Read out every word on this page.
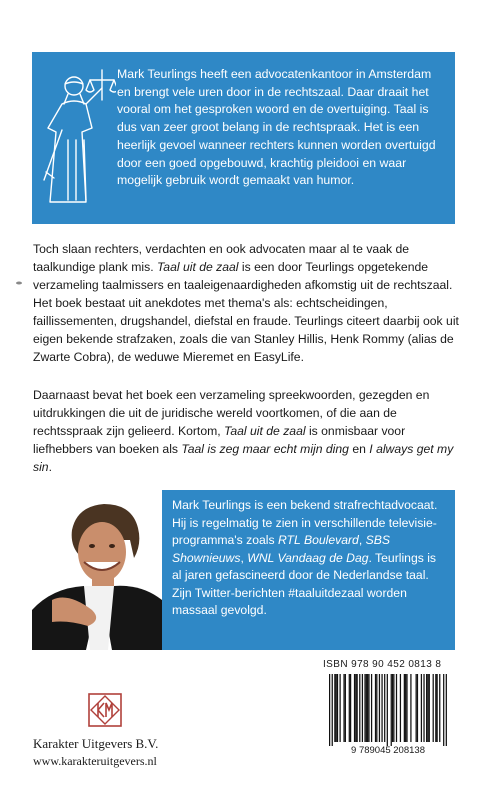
Mark Teurlings heeft een advocatenkantoor in Amsterdam en brengt vele uren door in de rechtszaal. Daar draait het vooral om het gesproken woord en de overtuiging. Taal is dus van zeer groot belang in de rechtspraak. Het is een heerlijk gevoel wanneer rechters kunnen worden overtuigd door een goed opgebouwd, krachtig pleidooi en waar mogelijk gebruik wordt gemaakt van humor.

Toch slaan rechters, verdachten en ook advocaten maar al te vaak de taalkundige plank mis. Taal uit de zaal is een door Teurlings opgetekende verzameling taalmissers en taaleigenaardigheden afkomstig uit de rechtszaal. Het boek bestaat uit anekdotes met thema's als: echtscheidingen, faillissementen, drugshandel, diefstal en fraude. Teurlings citeert daarbij ook uit eigen bekende strafzaken, zoals die van Stanley Hillis, Henk Rommy (alias de Zwarte Cobra), de weduwe Mieremet en EasyLife.

Daarnaast bevat het boek een verzameling spreekwoorden, gezegden en uitdrukkingen die uit de juridische wereld voortkomen, of die aan de rechtsspraak zijn gelieerd. Kortom, Taal uit de zaal is onmisbaar voor liefhebbers van boeken als Taal is zeg maar echt mijn ding en I always get my sin.

Mark Teurlings is een bekend strafrechtadvocaat. Hij is regelmatig te zien in verschillende televisie-programma's zoals RTL Boulevard, SBS Shownieuws, WNL Vandaag de Dag. Teurlings is al jaren gefascineerd door de Nederlandse taal. Zijn Twitter-berichten #taaluitdezaal worden massaal gevolgd.

ISBN 978 90 452 0813 8
9 789045 208138
Karakter Uitgevers B.V.
www.karakteruitgevers.nl
